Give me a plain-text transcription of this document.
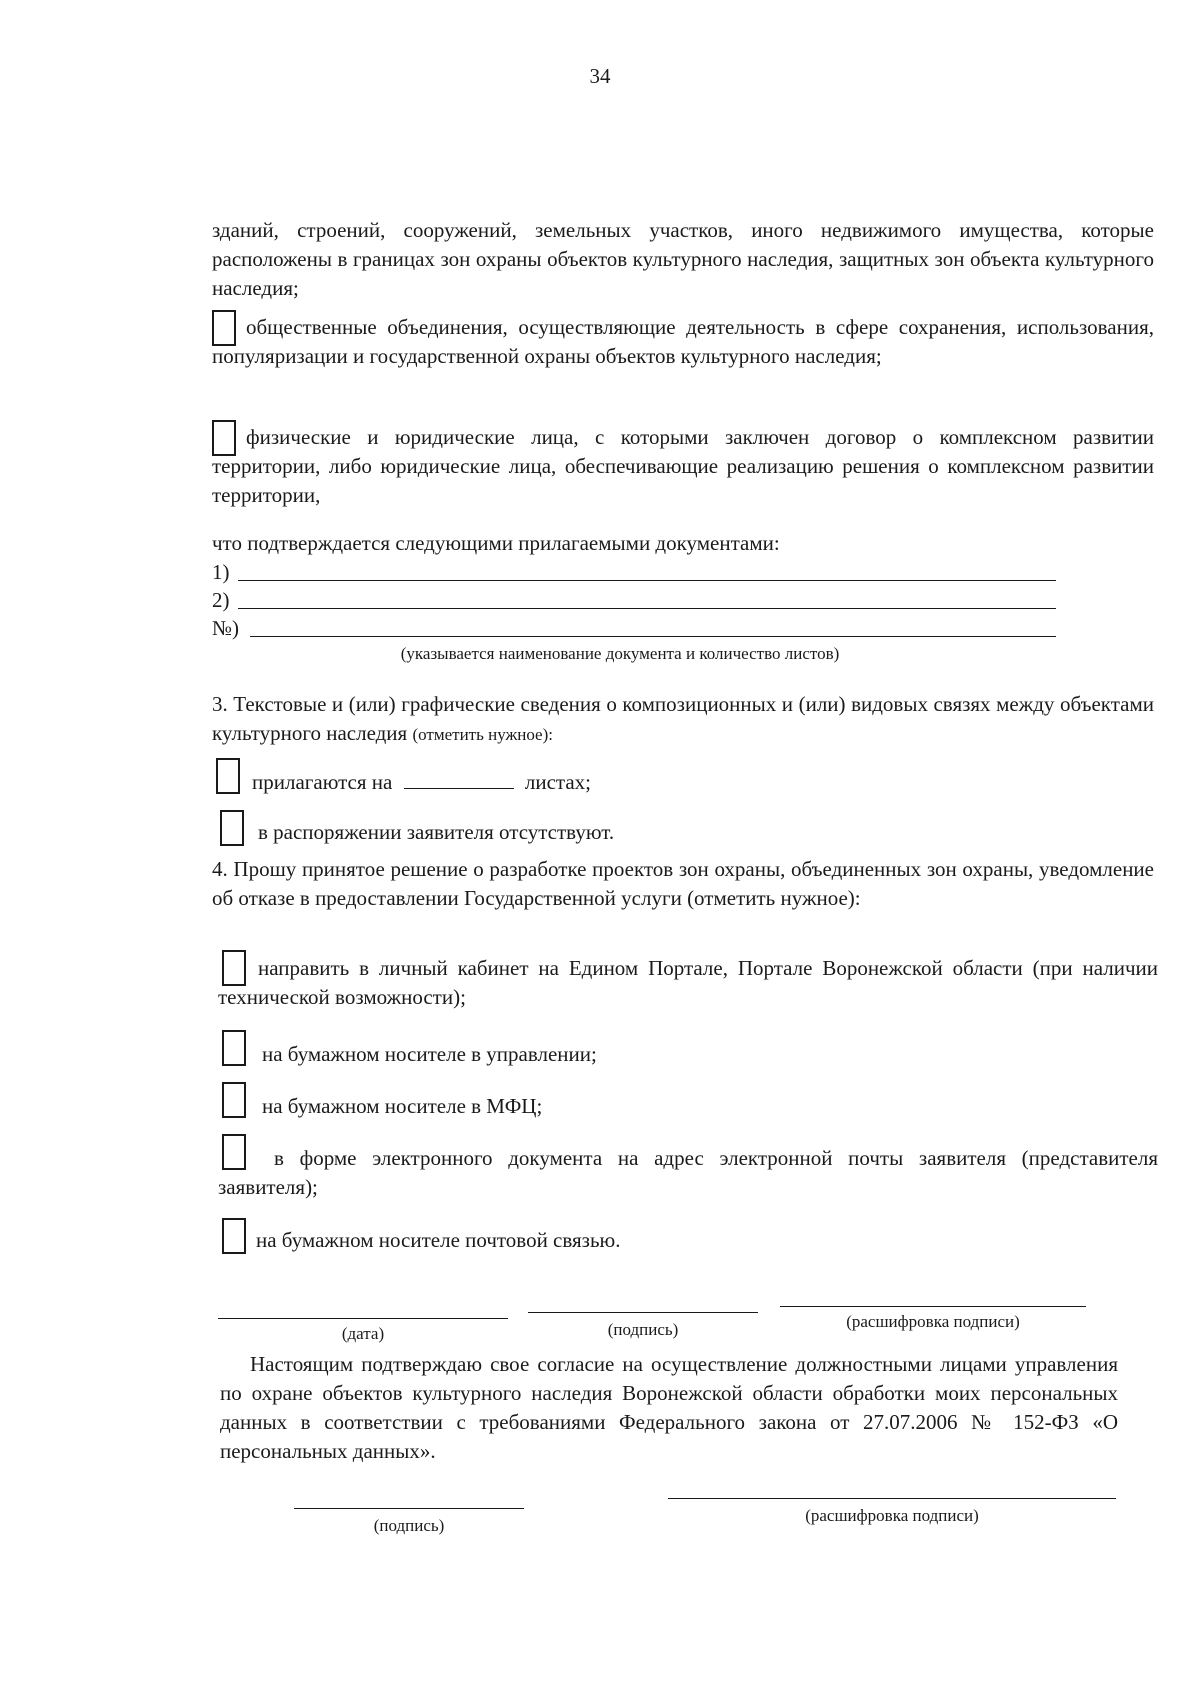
34
зданий, строений, сооружений, земельных участков, иного недвижимого имущества, которые расположены в границах зон охраны объектов культурного наследия, защитных зон объекта культурного наследия;
общественные объединения, осуществляющие деятельность в сфере сохранения, использования, популяризации и государственной охраны объектов культурного наследия;
физические и юридические лица, с которыми заключен договор о комплексном развитии территории, либо юридические лица, обеспечивающие реализацию решения о комплексном развитии территории,
что подтверждается следующими прилагаемыми документами:
1)
2)
№)
(указывается наименование документа и количество листов)
3. Текстовые и (или) графические сведения о композиционных и (или) видовых связях между объектами культурного наследия (отметить нужное):
прилагаются на	листах;
в распоряжении заявителя отсутствуют.
4. Прошу принятое решение о разработке проектов зон охраны, объединенных зон охраны, уведомление об отказе в предоставлении Государственной услуги (отметить нужное):
направить в личный кабинет на Едином Портале, Портале Воронежской области (при наличии технической возможности);
на бумажном носителе в управлении;
на бумажном носителе в МФЦ;
в форме электронного документа на адрес электронной почты заявителя (представителя заявителя);
на бумажном носителе почтовой связью.
(дата)	(подпись)	(расшифровка подписи)
Настоящим подтверждаю свое согласие на осуществление должностными лицами управления по охране объектов культурного наследия Воронежской области обработки моих персональных данных в соответствии с требованиями Федерального закона от 27.07.2006 № 152-ФЗ «О персональных данных».
(подпись)
(расшифровка подписи)
